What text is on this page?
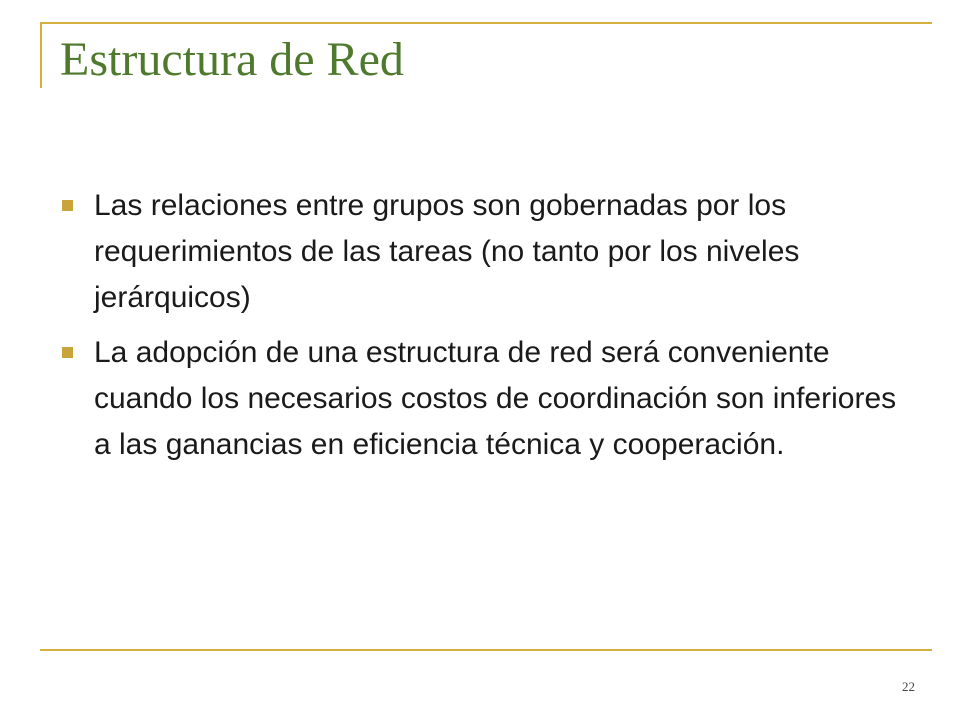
Estructura de Red
Las relaciones entre grupos son gobernadas por los requerimientos de las tareas (no tanto por los niveles jerárquicos)
La adopción de una estructura de red será conveniente cuando los necesarios costos de coordinación son inferiores a las ganancias en eficiencia técnica y cooperación.
22
